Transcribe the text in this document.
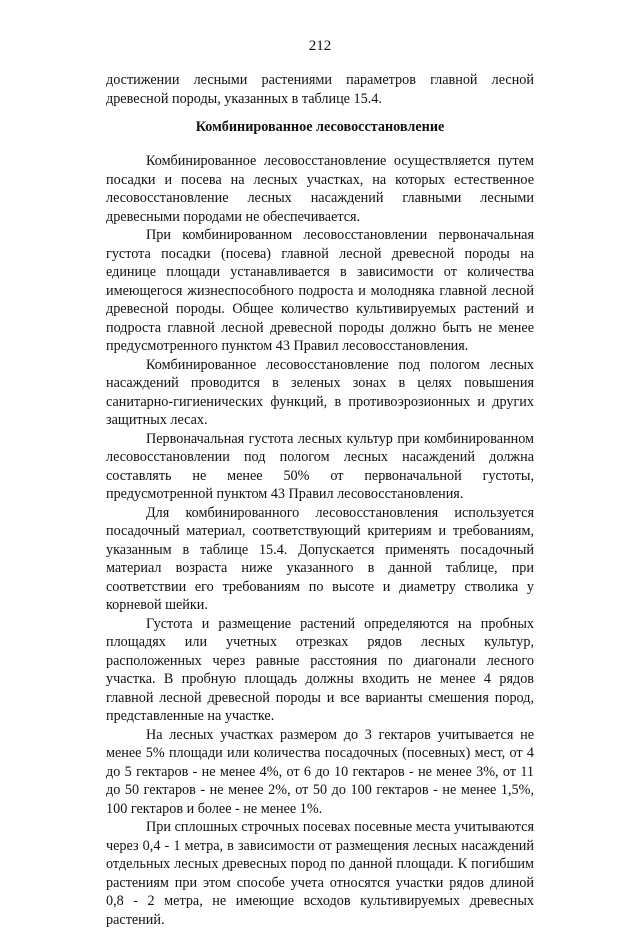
212

достижении лесными растениями параметров главной лесной древесной породы, указанных в таблице 15.4.

Комбинированное лесовосстановление

Комбинированное лесовосстановление осуществляется путем посадки и посева на лесных участках, на которых естественное лесовосстановление лесных насаждений главными лесными древесными породами не обеспечивается.

При комбинированном лесовосстановлении первоначальная густота посадки (посева) главной лесной древесной породы на единице площади устанавливается в зависимости от количества имеющегося жизнеспособного подроста и молодняка главной лесной древесной породы. Общее количество культивируемых растений и подроста главной лесной древесной породы должно быть не менее предусмотренного пунктом 43 Правил лесовосстановления.

Комбинированное лесовосстановление под пологом лесных насаждений проводится в зеленых зонах в целях повышения санитарно-гигиенических функций, в противоэрозионных и других защитных лесах.

Первоначальная густота лесных культур при комбинированном лесовосстановлении под пологом лесных насаждений должна составлять не менее 50% от первоначальной густоты, предусмотренной пунктом 43 Правил лесовосстановления.

Для комбинированного лесовосстановления используется посадочный материал, соответствующий критериям и требованиям, указанным в таблице 15.4. Допускается применять посадочный материал возраста ниже указанного в данной таблице, при соответствии его требованиям по высоте и диаметру стволика у корневой шейки.

Густота и размещение растений определяются на пробных площадях или учетных отрезках рядов лесных культур, расположенных через равные расстояния по диагонали лесного участка. В пробную площадь должны входить не менее 4 рядов главной лесной древесной породы и все варианты смешения пород, представленные на участке.

На лесных участках размером до 3 гектаров учитывается не менее 5% площади или количества посадочных (посевных) мест, от 4 до 5 гектаров - не менее 4%, от 6 до 10 гектаров - не менее 3%, от 11 до 50 гектаров - не менее 2%, от 50 до 100 гектаров - не менее 1,5%, 100 гектаров и более - не менее 1%.

При сплошных строчных посевах посевные места учитываются через 0,4 - 1 метра, в зависимости от размещения лесных насаждений отдельных лесных древесных пород по данной площади. К погибшим растениям при этом способе учета относятся участки рядов длиной 0,8 - 2 метра, не имеющие всходов культивируемых древесных растений.
